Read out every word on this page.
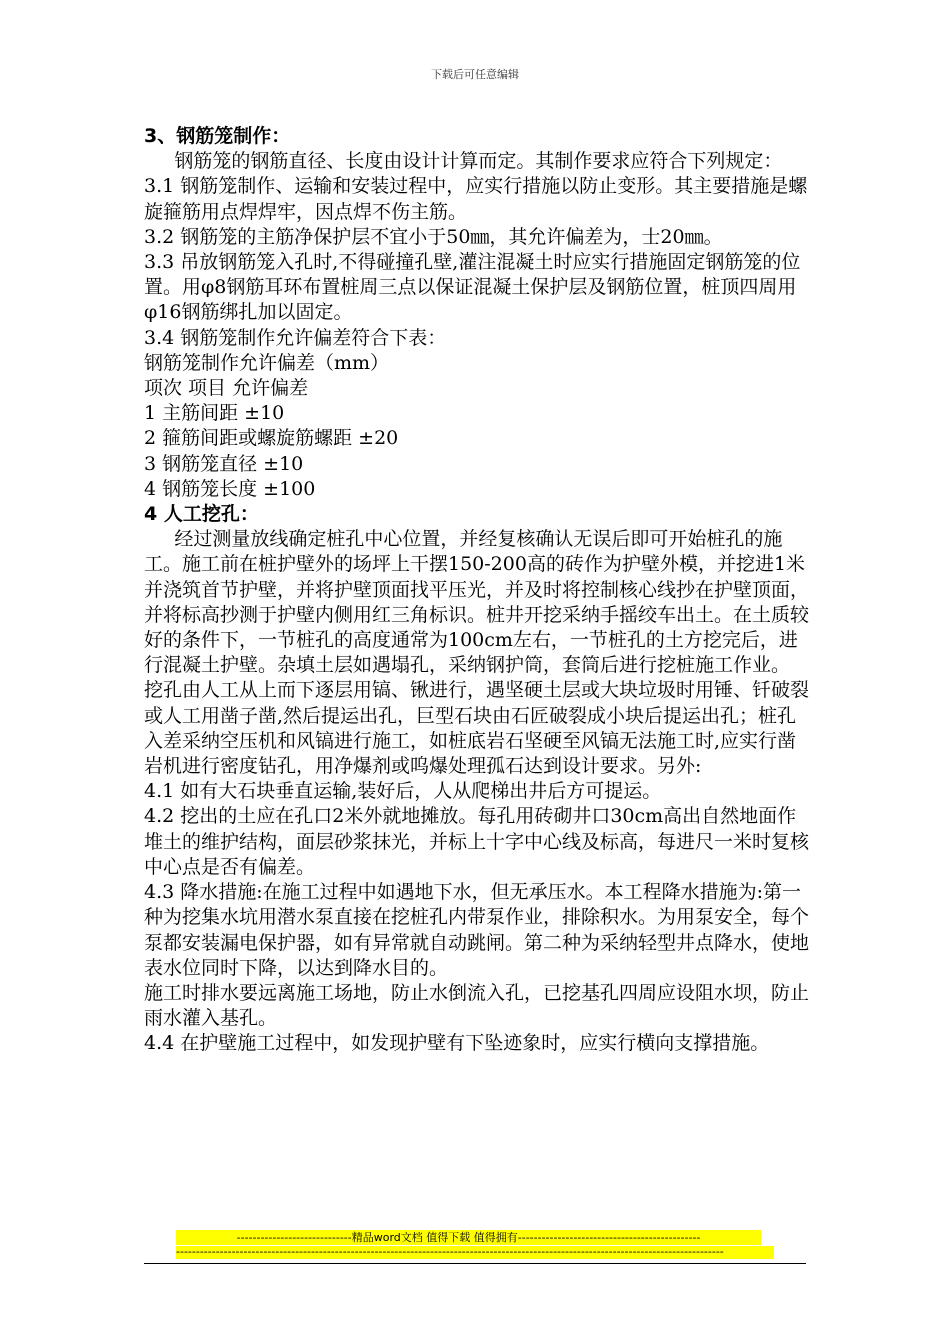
下载后可任意编辑

3、钢筋笼制作：

钢筋笼的钢筋直径、长度由设计计算而定。其制作要求应符合下列规定：

3.1 钢筋笼制作、运输和安装过程中，应实行措施以防止变形。其主要措施是螺旋箍筋用点焊焊牢，因点焊不伤主筋。

3.2 钢筋笼的主筋净保护层不宜小于50㎜，其允许偏差为，士20㎜。

3.3 吊放钢筋笼入孔时,不得碰撞孔壁,灌注混凝土时应实行措施固定钢筋笼的位置。用φ8钢筋耳环布置桩周三点以保证混凝土保护层及钢筋位置，桩顶四周用φ16钢筋绑扎加以固定。

3.4 钢筋笼制作允许偏差符合下表：

钢筋笼制作允许偏差（mm）

项次 项目 允许偏差

1 主筋间距 ±10

2 箍筋间距或螺旋筋螺距 ±20

3 钢筋笼直径 ±10

4 钢筋笼长度 ±100

4 人工挖孔：

经过测量放线确定桩孔中心位置，并经复核确认无误后即可开始桩孔的施工。施工前在桩护壁外的场坪上干摆150-200高的砖作为护壁外模，并挖进1米并浇筑首节护壁，并将护壁顶面找平压光，并及时将控制核心线抄在护壁顶面，并将标高抄测于护壁内侧用红三角标识。桩井开挖采纳手摇绞车出土。在土质较好的条件下，一节桩孔的高度通常为100cm左右，一节桩孔的土方挖完后，进行混凝土护壁。杂填土层如遇塌孔，采纳钢护筒，套筒后进行挖桩施工作业。

挖孔由人工从上而下逐层用镐、锹进行，遇坚硬土层或大块垃圾时用锤、钎破裂或人工用凿子凿,然后提运出孔，巨型石块由石匠破裂成小块后提运出孔；桩孔入差采纳空压机和风镐进行施工，如桩底岩石坚硬至风镐无法施工时,应实行凿岩机进行密度钻孔，用净爆剂或呜爆处理孤石达到设计要求。另外:

4.1 如有大石块垂直运输,装好后，人从爬梯出井后方可提运。

4.2 挖出的土应在孔口2米外就地摊放。每孔用砖砌井口30cm高出自然地面作堆土的维护结构，面层砂浆抹光，并标上十字中心线及标高，每进尺一米时复核中心点是否有偏差。

4.3 降水措施:在施工过程中如遇地下水，但无承压水。本工程降水措施为:第一种为挖集水坑用潜水泵直接在挖桩孔内带泵作业，排除积水。为用泵安全，每个泵都安装漏电保护器，如有异常就自动跳闸。第二种为采纳轻型井点降水，使地表水位同时下降，以达到降水目的。

施工时排水要远离施工场地，防止水倒流入孔，已挖基孔四周应设阻水坝，防止雨水灌入基孔。

4.4 在护壁施工过程中，如发现护壁有下坠迹象时，应实行横向支撑措施。

-----------------------------精品word文档 值得下载 值得拥有----------------------------------------------
------------------------------------------------------------------------------------------------------------------------------------------
